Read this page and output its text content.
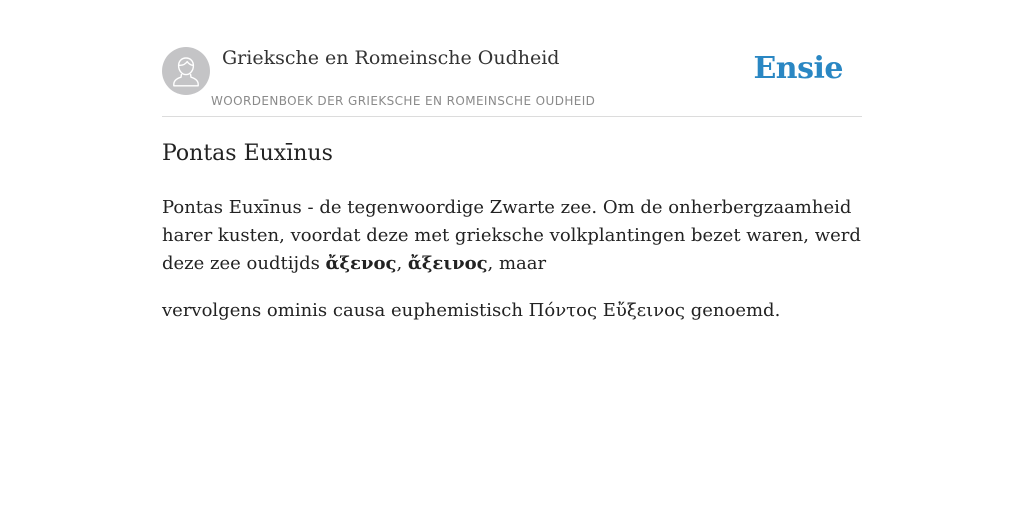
Grieksche en Romeinsche Oudheid
WOORDENBOEK DER GRIEKSCHE EN ROMEINSCHE OUDHEID
Ensie
Pontas Euxīnus

Pontas Euxīnus - de tegenwoordige Zwarte zee. Om de onherbergzaamheid harer kusten, voordat deze met grieksche volkplantingen bezet waren, werd deze zee oudtijds ἄξενος, ἄξεινος, maar

vervolgens ominis causa euphemistisch Πόντος Εὔξεινος genoemd.
